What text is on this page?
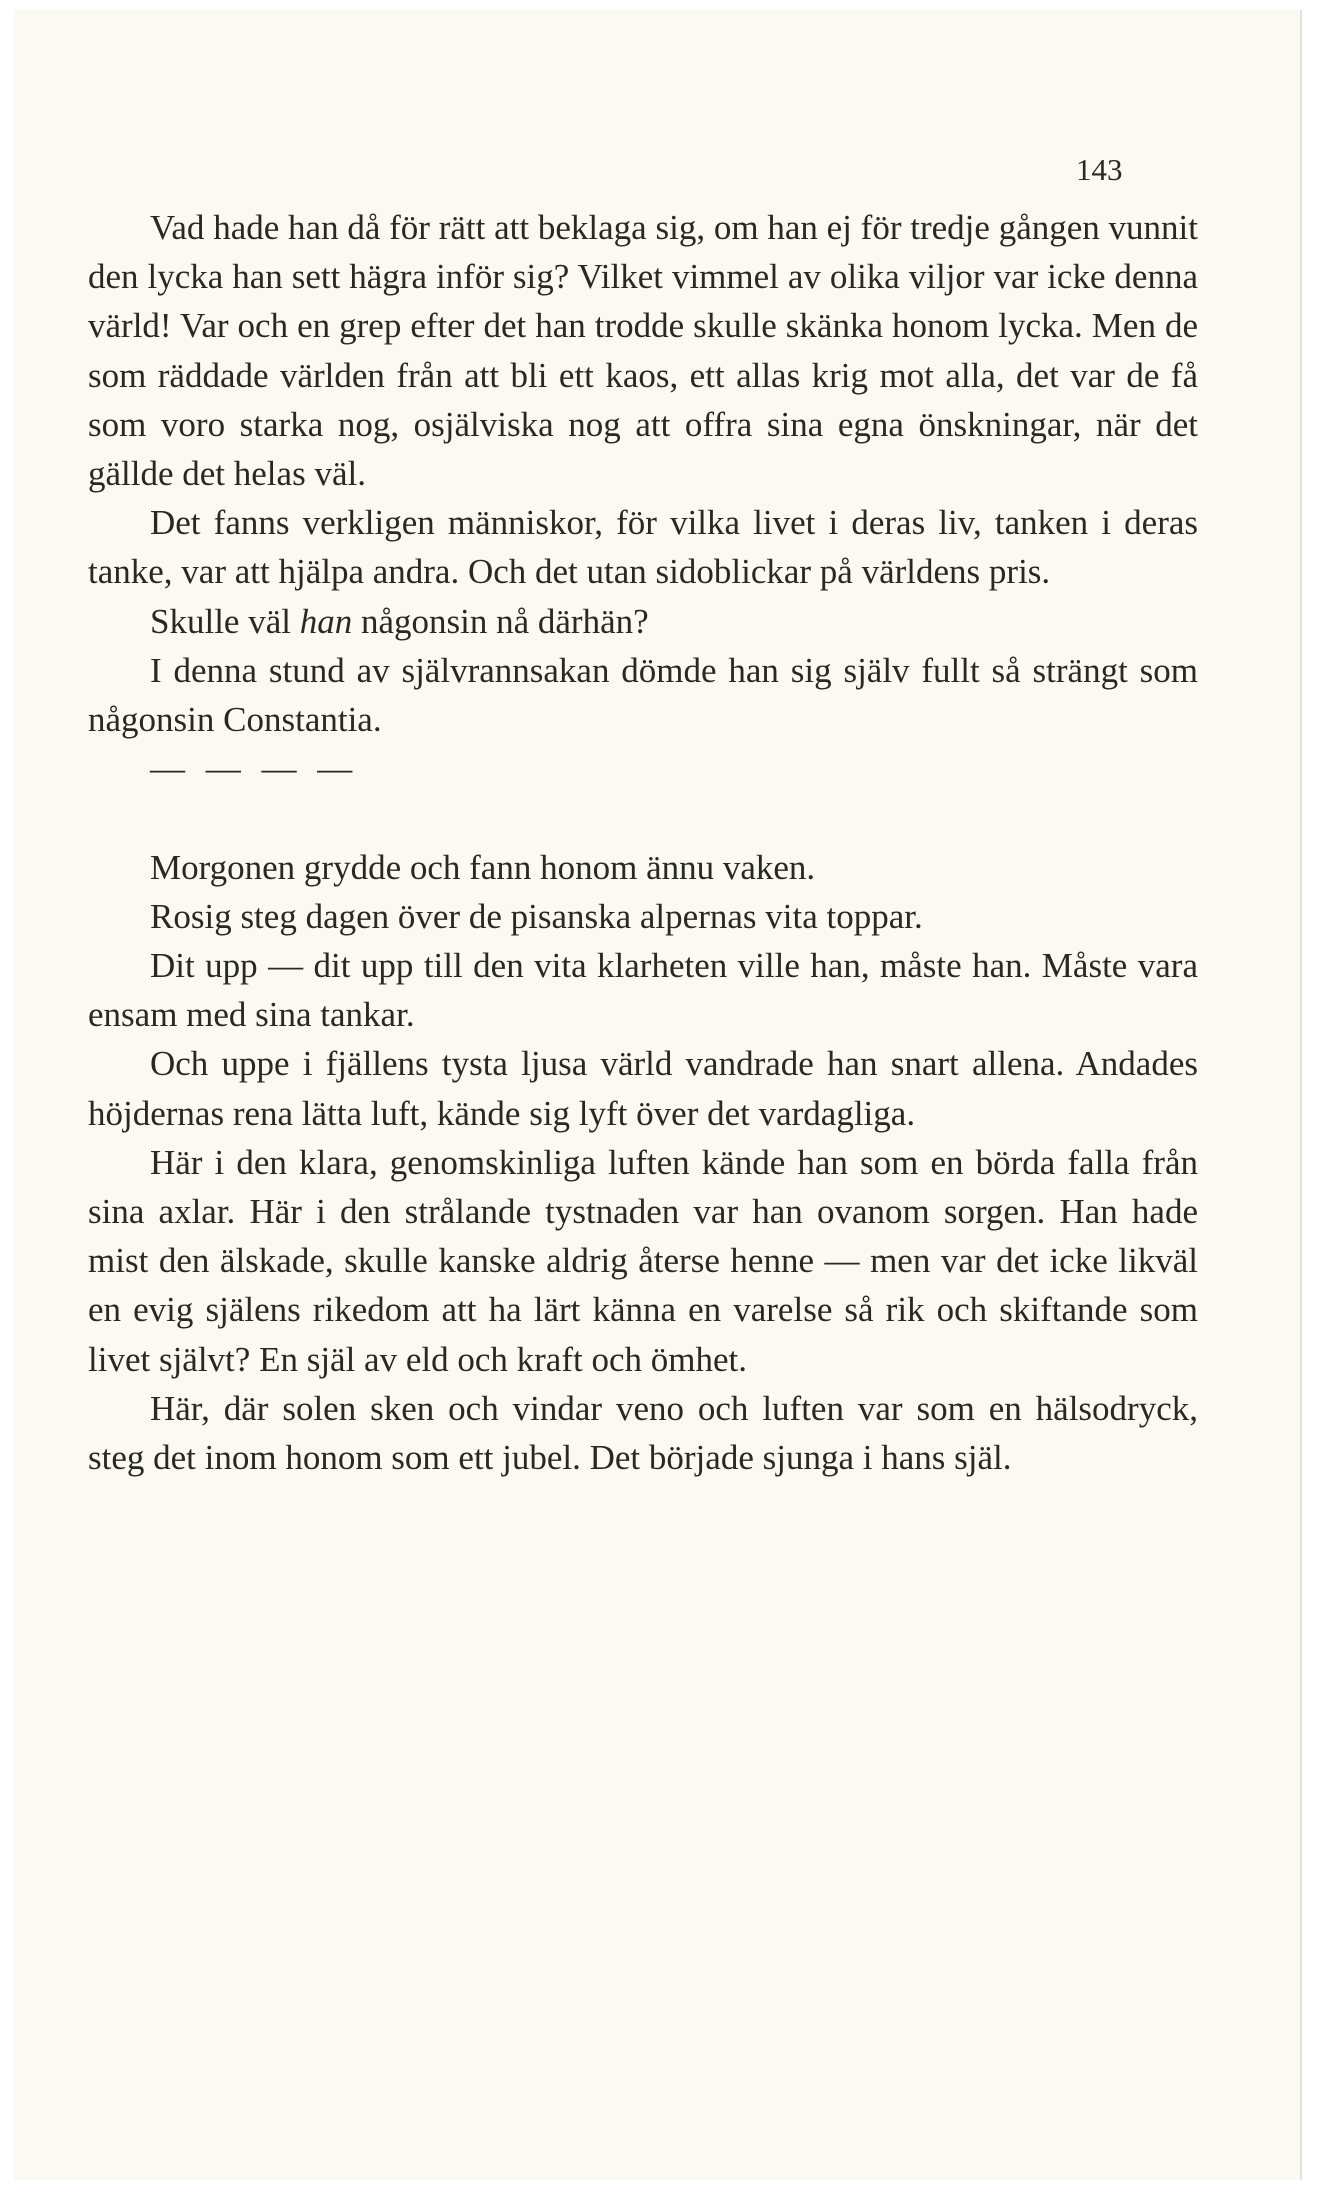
143

Vad hade han då för rätt att beklaga sig, om han ej för tredje gången vunnit den lycka han sett hägra inför sig? Vilket vimmel av olika viljor var icke denna värld! Var och en grep efter det han trodde skulle skänka honom lycka. Men de som räddade världen från att bli ett kaos, ett allas krig mot alla, det var de få som voro starka nog, osjälviska nog att offra sina egna önskningar, när det gällde det helas väl.

Det fanns verkligen människor, för vilka livet i deras liv, tanken i deras tanke, var att hjälpa andra. Och det utan sidoblickar på världens pris.

Skulle väl han någonsin nå därhän?

I denna stund av självrannsakan dömde han sig själv fullt så strängt som någonsin Constantia.

— — — —

Morgonen grydde och fann honom ännu vaken.

Rosig steg dagen över de pisanska alpernas vita toppar.

Dit upp — dit upp till den vita klarheten ville han, måste han. Måste vara ensam med sina tankar.

Och uppe i fjällens tysta ljusa värld vandrade han snart allena. Andades höjdernas rena lätta luft, kände sig lyft över det vardagliga.

Här i den klara, genomskinliga luften kände han som en börda falla från sina axlar. Här i den strålande tystnaden var han ovanom sorgen. Han hade mist den älskade, skulle kanske aldrig återse henne — men var det icke likväl en evig själens rikedom att ha lärt känna en varelse så rik och skiftande som livet självt? En själ av eld och kraft och ömhet.

Här, där solen sken och vindar veno och luften var som en hälsodryck, steg det inom honom som ett jubel. Det började sjunga i hans själ.
